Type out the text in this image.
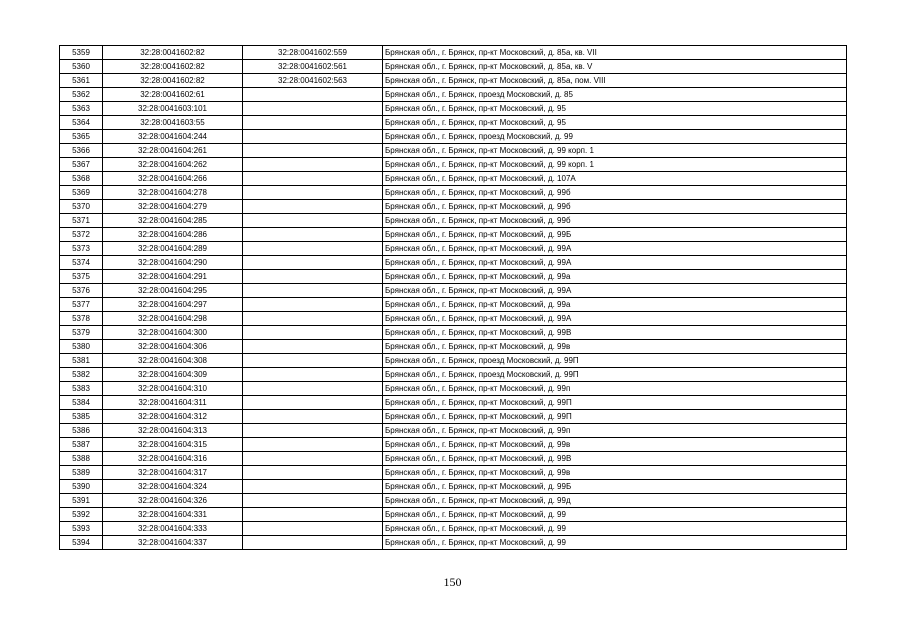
5359	32:28:0041602:82	32:28:0041602:559	Брянская обл., г. Брянск, пр-кт Московский, д. 85а, кв. VII
5360	32:28:0041602:82	32:28:0041602:561	Брянская обл., г. Брянск, пр-кт Московский, д. 85а, кв. V
5361	32:28:0041602:82	32:28:0041602:563	Брянская обл., г. Брянск, пр-кт Московский, д. 85а, пом. VIII
5362	32:28:0041602:61		Брянская обл., г. Брянск, проезд Московский, д. 85
5363	32:28:0041603:101		Брянская обл., г. Брянск, пр-кт Московский, д. 95
5364	32:28:0041603:55		Брянская обл., г. Брянск, пр-кт Московский, д. 95
5365	32:28:0041604:244		Брянская обл., г. Брянск, проезд Московский, д. 99
5366	32:28:0041604:261		Брянская обл., г. Брянск, пр-кт Московский, д. 99 корп. 1
5367	32:28:0041604:262		Брянская обл., г. Брянск, пр-кт Московский, д. 99 корп. 1
5368	32:28:0041604:266		Брянская обл., г. Брянск, пр-кт Московский, д. 107А
5369	32:28:0041604:278		Брянская обл., г. Брянск, пр-кт Московский, д. 99б
5370	32:28:0041604:279		Брянская обл., г. Брянск, пр-кт Московский, д. 99б
5371	32:28:0041604:285		Брянская обл., г. Брянск, пр-кт Московский, д. 99б
5372	32:28:0041604:286		Брянская обл., г. Брянск, пр-кт Московский, д. 99Б
5373	32:28:0041604:289		Брянская обл., г. Брянск, пр-кт Московский, д. 99А
5374	32:28:0041604:290		Брянская обл., г. Брянск, пр-кт Московский, д. 99А
5375	32:28:0041604:291		Брянская обл., г. Брянск, пр-кт Московский, д. 99а
5376	32:28:0041604:295		Брянская обл., г. Брянск, пр-кт Московский, д. 99А
5377	32:28:0041604:297		Брянская обл., г. Брянск, пр-кт Московский, д. 99а
5378	32:28:0041604:298		Брянская обл., г. Брянск, пр-кт Московский, д. 99А
5379	32:28:0041604:300		Брянская обл., г. Брянск, пр-кт Московский, д. 99В
5380	32:28:0041604:306		Брянская обл., г. Брянск, пр-кт Московский, д. 99в
5381	32:28:0041604:308		Брянская обл., г. Брянск, проезд Московский, д. 99П
5382	32:28:0041604:309		Брянская обл., г. Брянск, проезд Московский, д. 99П
5383	32:28:0041604:310		Брянская обл., г. Брянск, пр-кт Московский, д. 99п
5384	32:28:0041604:311		Брянская обл., г. Брянск, пр-кт Московский, д. 99П
5385	32:28:0041604:312		Брянская обл., г. Брянск, пр-кт Московский, д. 99П
5386	32:28:0041604:313		Брянская обл., г. Брянск, пр-кт Московский, д. 99п
5387	32:28:0041604:315		Брянская обл., г. Брянск, пр-кт Московский, д. 99в
5388	32:28:0041604:316		Брянская обл., г. Брянск, пр-кт Московский, д. 99В
5389	32:28:0041604:317		Брянская обл., г. Брянск, пр-кт Московский, д. 99в
5390	32:28:0041604:324		Брянская обл., г. Брянск, пр-кт Московский, д. 99Б
5391	32:28:0041604:326		Брянская обл., г. Брянск, пр-кт Московский, д. 99д
5392	32:28:0041604:331		Брянская обл., г. Брянск, пр-кт Московский, д. 99
5393	32:28:0041604:333		Брянская обл., г. Брянск, пр-кт Московский, д. 99
5394	32:28:0041604:337		Брянская обл., г. Брянск, пр-кт Московский, д. 99
150
